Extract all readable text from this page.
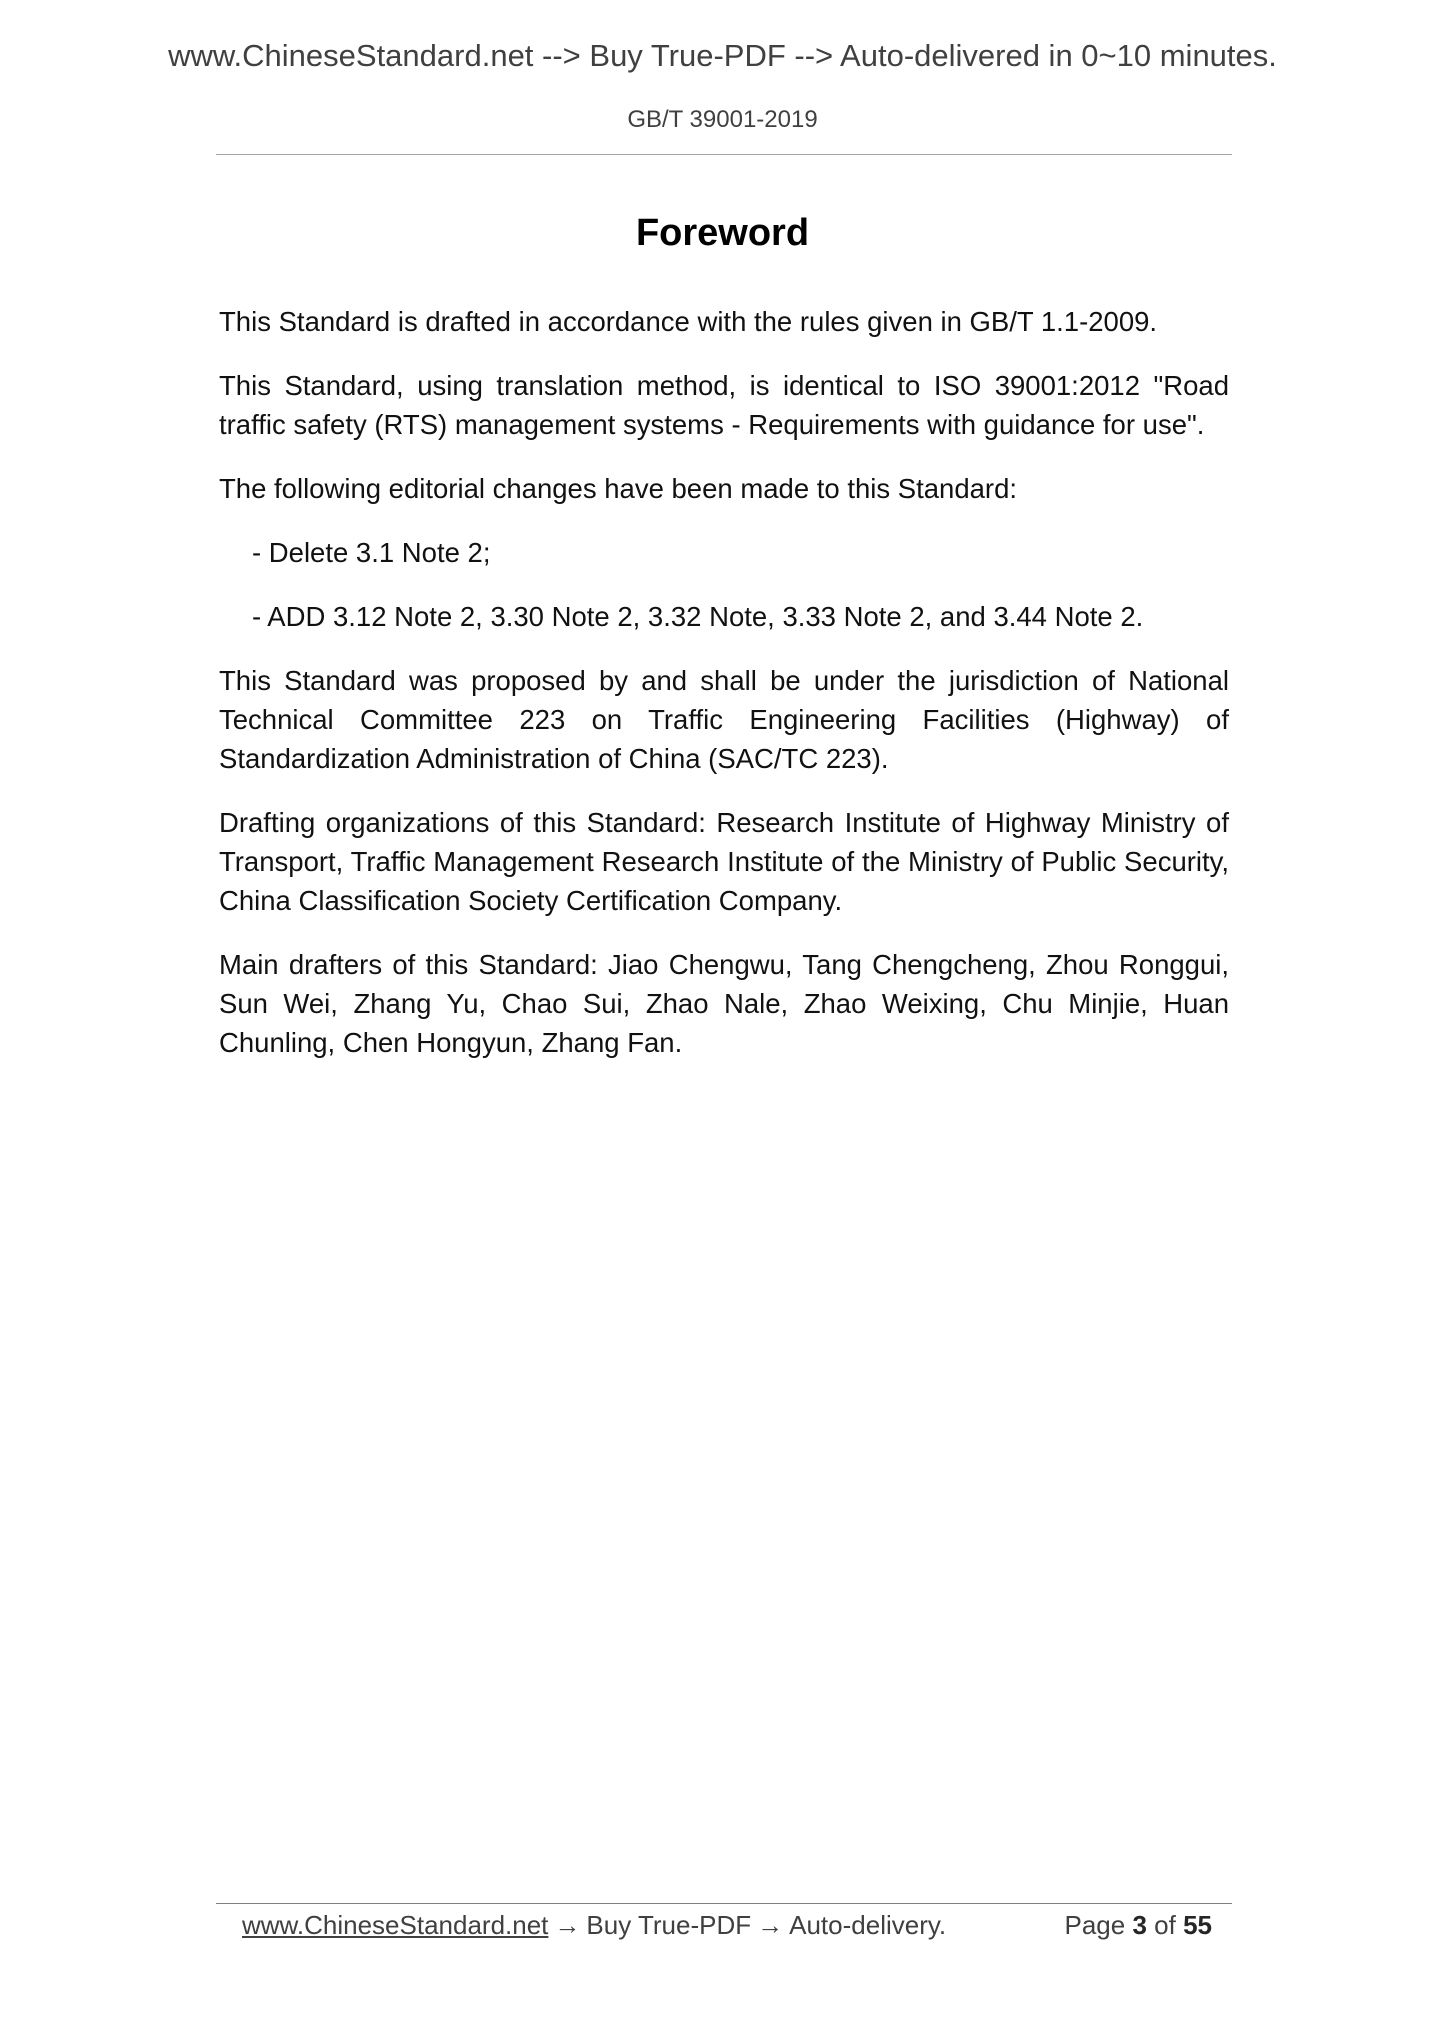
www.ChineseStandard.net --> Buy True-PDF --> Auto-delivered in 0~10 minutes.
GB/T 39001-2019
Foreword

This Standard is drafted in accordance with the rules given in GB/T 1.1-2009.

This Standard, using translation method, is identical to ISO 39001:2012 "Road traffic safety (RTS) management systems - Requirements with guidance for use".

The following editorial changes have been made to this Standard:

- Delete 3.1 Note 2;

- ADD 3.12 Note 2, 3.30 Note 2, 3.32 Note, 3.33 Note 2, and 3.44 Note 2.

This Standard was proposed by and shall be under the jurisdiction of National Technical Committee 223 on Traffic Engineering Facilities (Highway) of Standardization Administration of China (SAC/TC 223).

Drafting organizations of this Standard: Research Institute of Highway Ministry of Transport, Traffic Management Research Institute of the Ministry of Public Security, China Classification Society Certification Company.

Main drafters of this Standard: Jiao Chengwu, Tang Chengcheng, Zhou Ronggui, Sun Wei, Zhang Yu, Chao Sui, Zhao Nale, Zhao Weixing, Chu Minjie, Huan Chunling, Chen Hongyun, Zhang Fan.

www.ChineseStandard.net → Buy True-PDF → Auto-delivery.	Page 3 of 55
